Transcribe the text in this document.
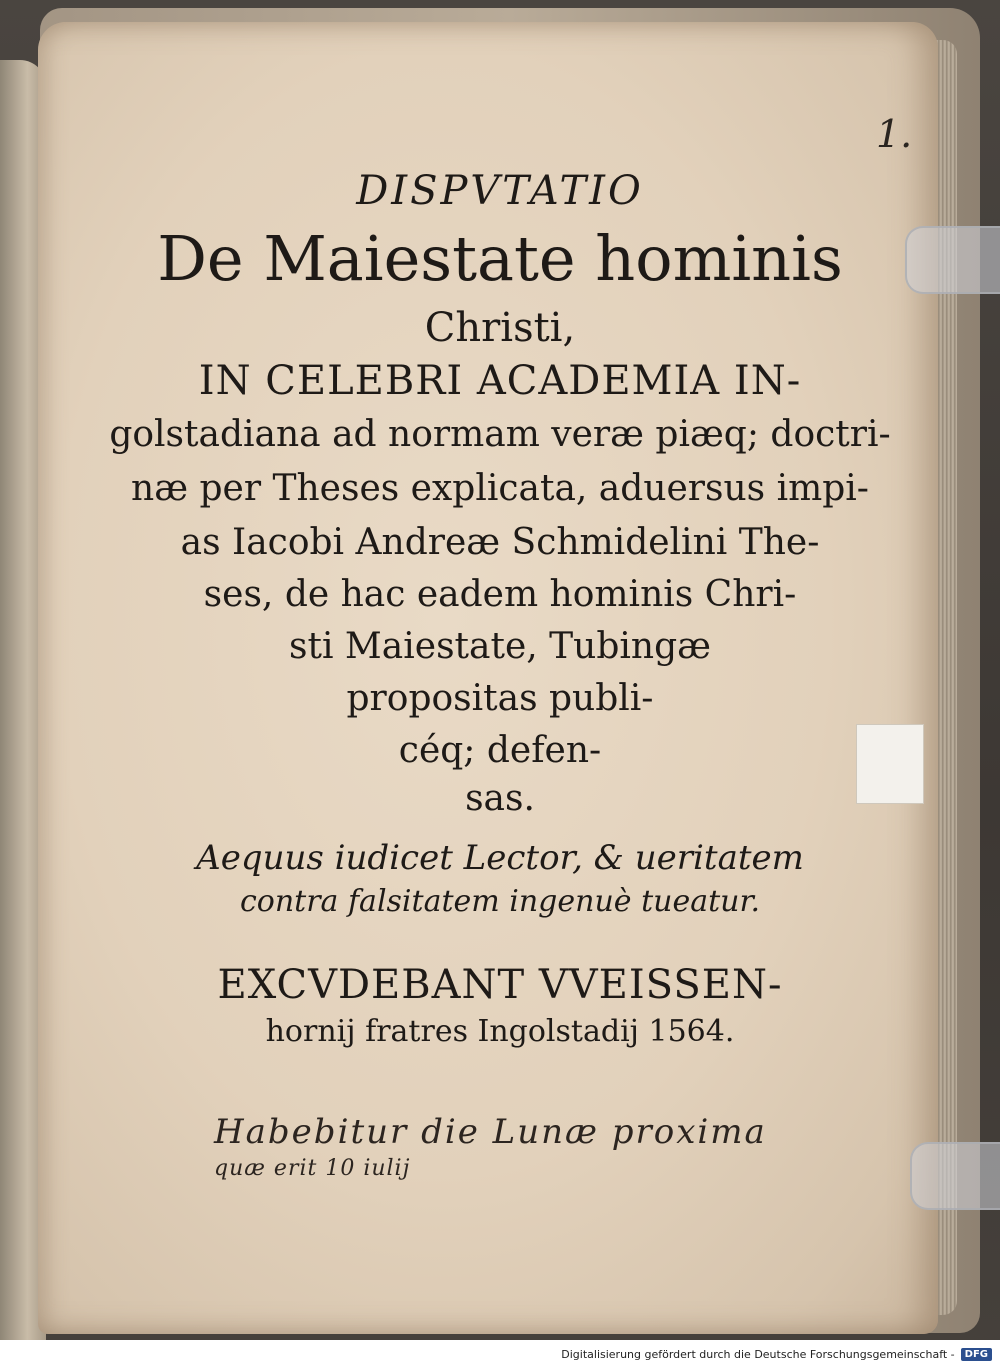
1.
DISPVTATIO
De Maiestate hominis
Christi,
IN CELEBRI ACADEMIA IN-
golstadiana ad normam veræ piæq; doctri-
næ per Theses explicata, aduersus impi-
as Iacobi Andreæ Schmidelini The-
ses, de hac eadem hominis Chri-
sti Maiestate, Tubingæ
propositas publi-
céq; defen-
sas.
Aequus iudicet Lector, & ueritatem
contra falsitatem ingenuè tueatur.
EXCVDEBANT VVEISSEN-
hornij fratres Ingolstadij 1564.
Habebitur die Lunæ proxima
quæ erit 10 iulij
Digitalisierung gefördert durch die Deutsche Forschungsgemeinschaft -	DFG
